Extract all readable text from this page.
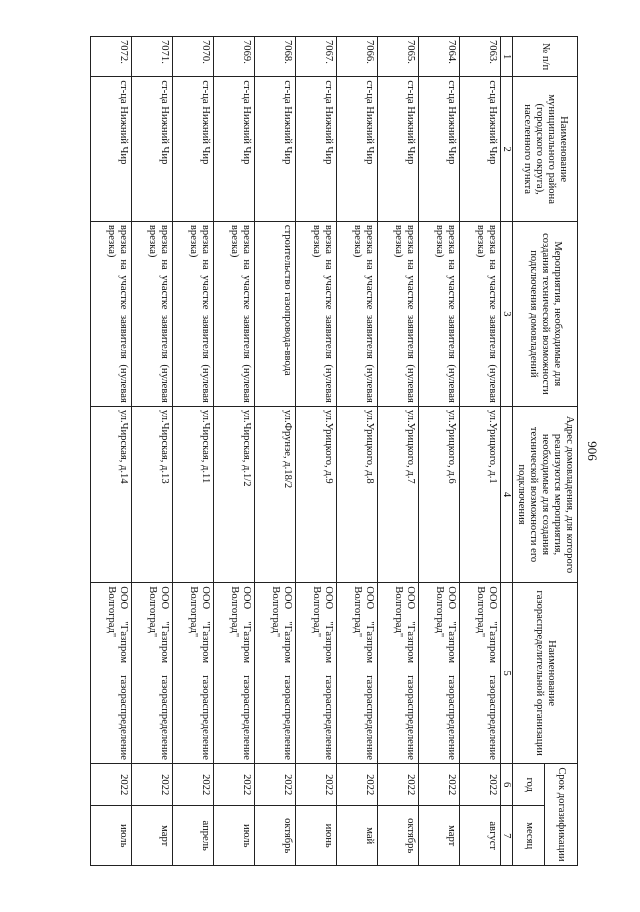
906
№ п/п	Наименование муниципального района (городского округа), населенного пункта	Мероприятия, необходимые для создания технической возможности подключения домовладений	Адрес домовладения, для которого реализуются мероприятия, необходимые для создания технической возможности его подключения	Наименование газораспределительной организации	Срок догазификации	
					год	месяц
1	2	3	4	5	6	7
7063.	ст-ца Нижний Чир	врезка на участке заявителя (нулевая врезка)	ул.Урицкого, д.1	ООО "Газпром газораспределение Волгоград"	2022	август
7064.	ст-ца Нижний Чир	врезка на участке заявителя (нулевая врезка)	ул.Урицкого, д.6	ООО "Газпром газораспределение Волгоград"	2022	март
7065.	ст-ца Нижний Чир	врезка на участке заявителя (нулевая врезка)	ул.Урицкого, д.7	ООО "Газпром газораспределение Волгоград"	2022	октябрь
7066.	ст-ца Нижний Чир	врезка на участке заявителя (нулевая врезка)	ул.Урицкого, д.8	ООО "Газпром газораспределение Волгоград"	2022	май
7067.	ст-ца Нижний Чир	врезка на участке заявителя (нулевая врезка)	ул.Урицкого, д.9	ООО "Газпром газораспределение Волгоград"	2022	июнь
7068.	ст-ца Нижний Чир	строительство газопровода-ввода	ул.Фрунзе, д.18/2	ООО "Газпром газораспределение Волгоград"	2022	октябрь
7069.	ст-ца Нижний Чир	врезка на участке заявителя (нулевая врезка)	ул.Чирская, д.1/2	ООО "Газпром газораспределение Волгоград"	2022	июль
7070.	ст-ца Нижний Чир	врезка на участке заявителя (нулевая врезка)	ул.Чирская, д.11	ООО "Газпром газораспределение Волгоград"	2022	апрель
7071.	ст-ца Нижний Чир	врезка на участке заявителя (нулевая врезка)	ул.Чирская, д.13	ООО "Газпром газораспределение Волгоград"	2022	март
7072.	ст-ца Нижний Чир	врезка на участке заявителя (нулевая врезка)	ул.Чирская, д.14	ООО "Газпром газораспределение Волгоград"	2022	июль
